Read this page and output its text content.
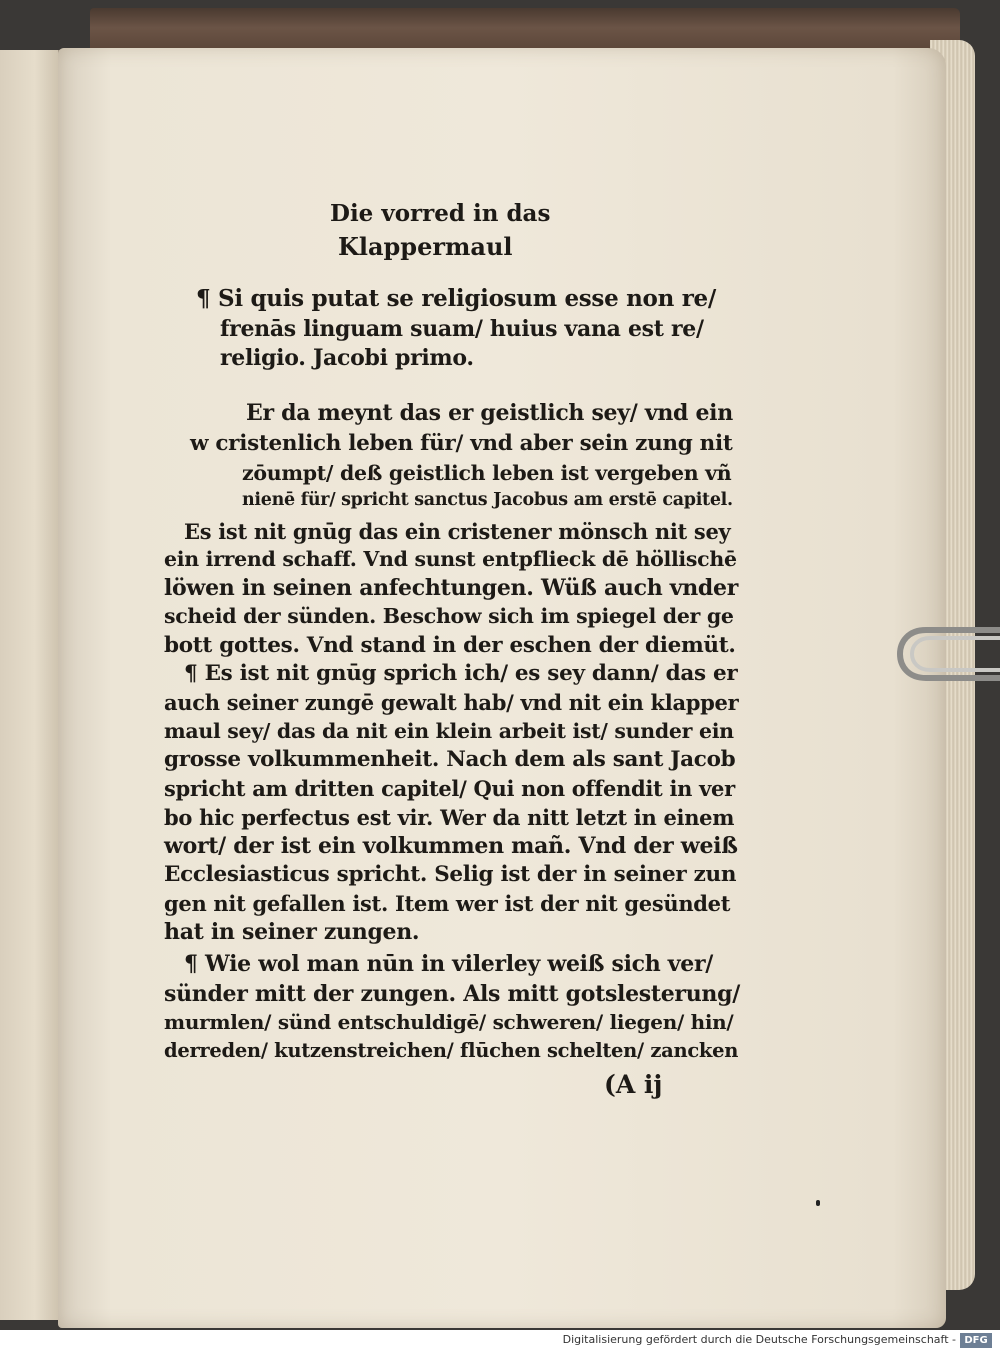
Die vorred in das
Klappermaul
¶ Si quis putat se religiosum esse non re/
frenās linguam suam/ huius vana est re/
religio. Jacobi primo.
Er da meynt das er geistlich sey/ vnd ein
w cristenlich leben für/ vnd aber sein zung nit
zōumpt/ deß geistlich leben ist vergeben vñ
nienē für/ spricht sanctus Jacobus am erstē capitel.
Es ist nit gnūg das ein cristener mönsch nit sey
ein irrend schaff. Vnd sunst entpflieck dē höllischē
löwen in seinen anfechtungen. Wüß auch vnder
scheid der sünden. Beschow sich im spiegel der ge
bott gottes. Vnd stand in der eschen der diemüt.
¶ Es ist nit gnūg sprich ich/ es sey dann/ das er
auch seiner zungē gewalt hab/ vnd nit ein klapper
maul sey/ das da nit ein klein arbeit ist/ sunder ein
grosse volkummenheit. Nach dem als sant Jacob
spricht am dritten capitel/ Qui non offendit in ver
bo hic perfectus est vir. Wer da nitt letzt in einem
wort/ der ist ein volkummen mañ. Vnd der weiß
Ecclesiasticus spricht. Selig ist der in seiner zun
gen nit gefallen ist. Item wer ist der nit gesündet
hat in seiner zungen.
¶ Wie wol man nūn in vilerley weiß sich ver/
sünder mitt der zungen. Als mitt gotslesterung/
murmlen/ sünd entschuldigē/ schweren/ liegen/ hin/
derreden/ kutzenstreichen/ flūchen schelten/ zancken
(A ij
Digitalisierung gefördert durch die Deutsche Forschungsgemeinschaft - DFG
